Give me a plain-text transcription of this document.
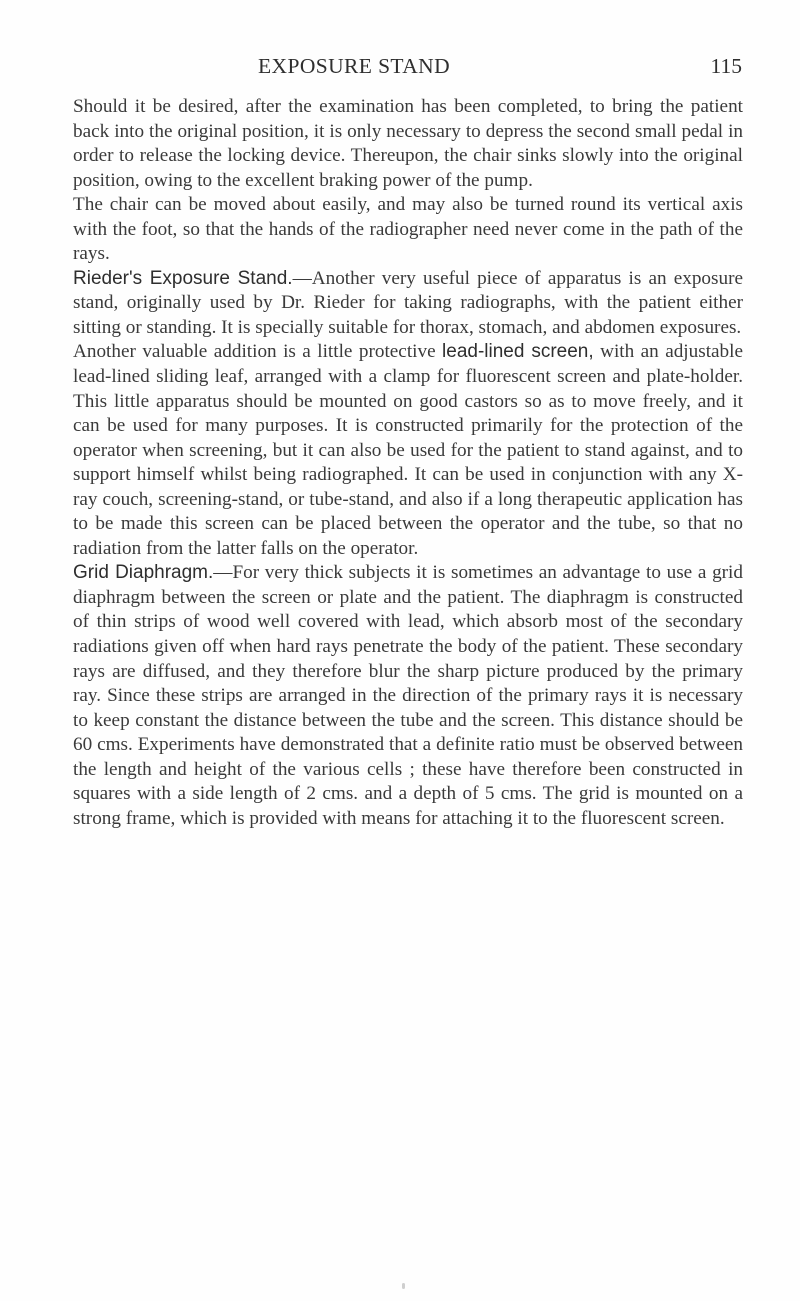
EXPOSURE STAND	115

Should it be desired, after the examination has been completed, to bring the patient back into the original position, it is only necessary to depress the second small pedal in order to release the locking device. Thereupon, the chair sinks slowly into the original position, owing to the excellent braking power of the pump.

The chair can be moved about easily, and may also be turned round its vertical axis with the foot, so that the hands of the radiographer need never come in the path of the rays.

Rieder's Exposure Stand.—Another very useful piece of apparatus is an exposure stand, originally used by Dr. Rieder for taking radiographs, with the patient either sitting or standing. It is specially suitable for thorax, stomach, and abdomen exposures.

Another valuable addition is a little protective lead-lined screen, with an adjustable lead-lined sliding leaf, arranged with a clamp for fluorescent screen and plate-holder. This little apparatus should be mounted on good castors so as to move freely, and it can be used for many purposes. It is constructed primarily for the protection of the operator when screening, but it can also be used for the patient to stand against, and to support himself whilst being radiographed. It can be used in conjunction with any X-ray couch, screening-stand, or tube-stand, and also if a long therapeutic application has to be made this screen can be placed between the operator and the tube, so that no radiation from the latter falls on the operator.

Grid Diaphragm.—For very thick subjects it is sometimes an advantage to use a grid diaphragm between the screen or plate and the patient. The diaphragm is constructed of thin strips of wood well covered with lead, which absorb most of the secondary radiations given off when hard rays penetrate the body of the patient. These secondary rays are diffused, and they therefore blur the sharp picture produced by the primary ray. Since these strips are arranged in the direction of the primary rays it is necessary to keep constant the distance between the tube and the screen. This distance should be 60 cms. Experiments have demonstrated that a definite ratio must be observed between the length and height of the various cells ; these have therefore been constructed in squares with a side length of 2 cms. and a depth of 5 cms. The grid is mounted on a strong frame, which is provided with means for attaching it to the fluorescent screen.
